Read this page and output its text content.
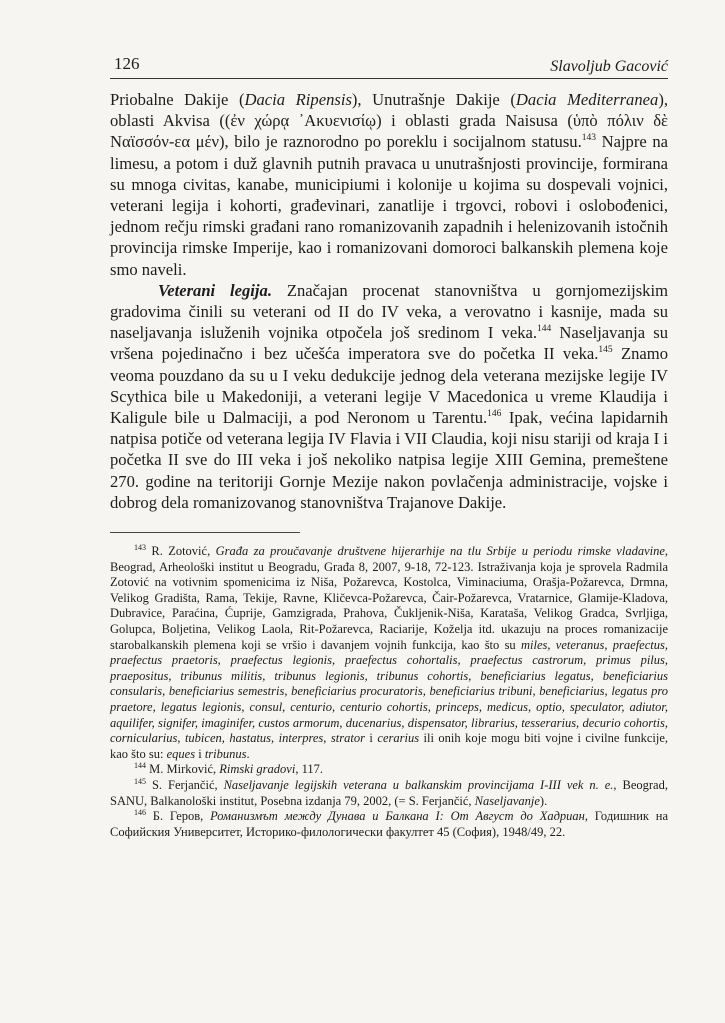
126	Slavoljub Gacović

Priobalne Dakije (Dacia Ripensis), Unutrašnje Dakije (Dacia Mediterranea), oblasti Akvisa ((ἐν χώρᾳ ᾿Ακυενισίῳ) i oblasti grada Naisusa (ὑπὸ πόλιν δὲ Ναϊσσόν-εα μέν), bilo je raznorodno po poreklu i socijalnom statusu.$^{143}$ Najpre na limesu, a potom i duž glavnih putnih pravaca u unutrašnjosti provincije, formirana su mnoga civitas, kanabe, municipiumi i kolonije u kojima su dospevali vojnici, veterani legija i kohorti, građevinari, zanatlije i trgovci, robovi i oslobođenici, jednom rečju rimski građani rano romanizovanih zapadnih i helenizovanih istočnih provincija rimske Imperije, kao i romanizovani domoroci balkanskih plemena koje smo naveli.

Veterani legija. Značajan procenat stanovništva u gornjomezijskim gradovima činili su veterani od II do IV veka, a verovatno i kasnije, mada su naseljavanja isluženih vojnika otpočela još sredinom I veka.$^{144}$ Naseljavanja su vršena pojedinačno i bez učešća imperatora sve do početka II veka.$^{145}$ Znamo veoma pouzdano da su u I veku dedukcije jednog dela veterana mezijske legije IV Scythica bile u Makedoniji, a veterani legije V Macedonica u vreme Klaudija i Kaligule bile u Dalmaciji, a pod Neronom u Tarentu.$^{146}$ Ipak, većina lapidarnih natpisa potiče od veterana legija IV Flavia i VII Claudia, koji nisu stariji od kraja I i početka II sve do III veka i još nekoliko natpisa legije XIII Gemina, premeštene 270. godine na teritoriji Gornje Mezije nakon povlačenja administracije, vojske i dobrog dela romanizovanog stanovništva Trajanove Dakije.

$^{143}$ R. Zotović, Građa za proučavanje društvene hijerarhije na tlu Srbije u periodu rimske vladavine, Beograd, Arheološki institut u Beogradu, Građa 8, 2007, 9-18, 72-123. Istraživanja koja je sprovela Radmila Zotović na votivnim spomenicima iz Niša, Požarevca, Kostolca, Viminaciuma, Orašja-Požarevca, Drmna, Velikog Gradišta, Rama, Tekije, Ravne, Kličevca-Požarevca, Čair-Požarevca, Vratarnice, Glamije-Kladova, Dubravice, Paraćina, Ćuprije, Gamzigrada, Prahova, Čukljenik-Niša, Karataša, Velikog Gradca, Svrljiga, Golupca, Boljetina, Velikog Laola, Rit-Požarevca, Raciarije, Koželja itd. ukazuju na proces romanizacije starobalkanskih plemena koji se vršio i davanjem vojnih funkcija, kao što su miles, veteranus, praefectus, praefectus praetoris, praefectus legionis, praefectus cohortalis, praefectus castrorum, primus pilus, praepositus, tribunus militis, tribunus legionis, tribunus cohortis, beneficiarius legatus, beneficiarius consularis, beneficiarius semestris, beneficiarius procuratoris, beneficiarius tribuni, beneficiarius, legatus pro praetore, legatus legionis, consul, centurio, centurio cohortis, princeps, medicus, optio, speculator, adiutor, aquilifer, signifer, imaginifer, custos armorum, ducenarius, dispensator, librarius, tesserarius, decurio cohortis, cornicularius, tubicen, hastatus, interpres, strator i cerarius ili onih koje mogu biti vojne i civilne funkcije, kao što su: eques i tribunus.

$^{144}$ M. Mirković, Rimski gradovi, 117.

$^{145}$ S. Ferjančić, Naseljavanje legijskih veterana u balkanskim provincijama I-III vek n. e., Beograd, SANU, Balkanološki institut, Posebna izdanja 79, 2002, (= S. Ferjančić, Naseljavanje).

$^{146}$ Б. Геров, Романизмът между Дунава и Балкана I: От Август до Хадриан, Годишник на Софийския Университет, Историко-филологически факултет 45 (София), 1948/49, 22.
